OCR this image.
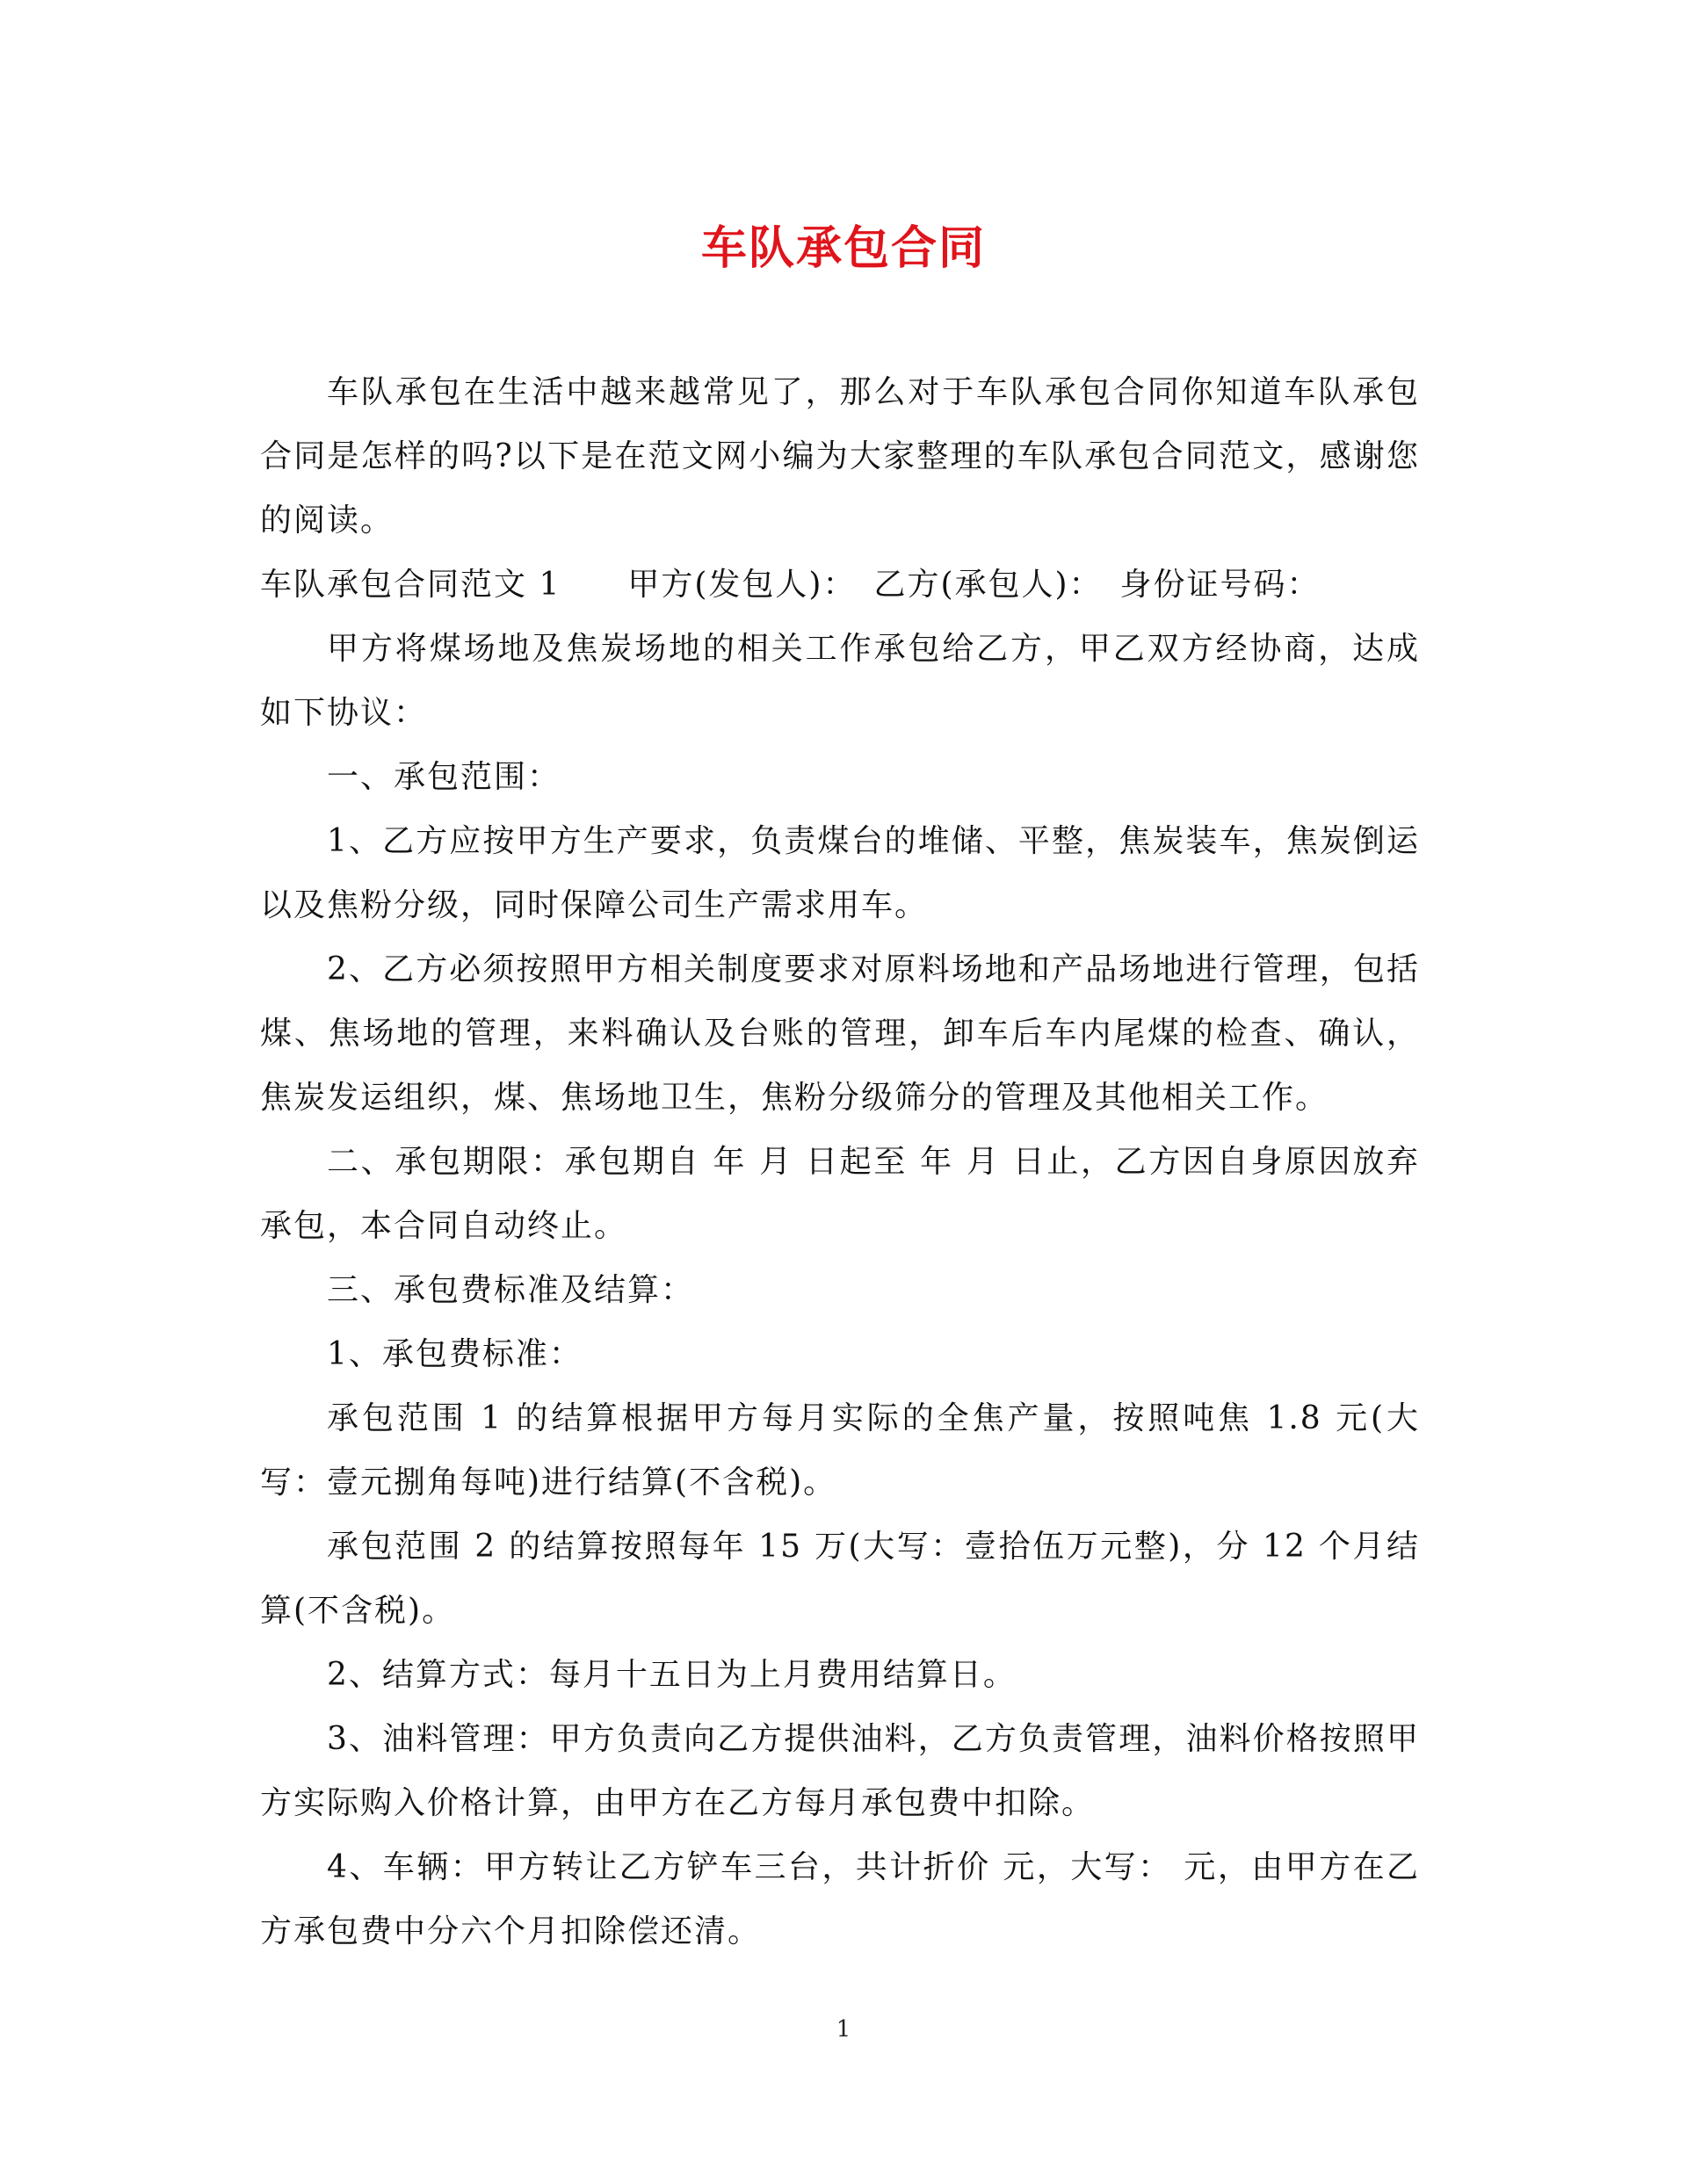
车队承包合同

车队承包在生活中越来越常见了，那么对于车队承包合同你知道车队承包合同是怎样的吗?以下是在范文网小编为大家整理的车队承包合同范文，感谢您的阅读。

车队承包合同范文 1　　甲方(发包人)：　乙方(承包人)：　身份证号码：

甲方将煤场地及焦炭场地的相关工作承包给乙方，甲乙双方经协商，达成如下协议：

一、承包范围：

1、乙方应按甲方生产要求，负责煤台的堆储、平整，焦炭装车，焦炭倒运以及焦粉分级，同时保障公司生产需求用车。

2、乙方必须按照甲方相关制度要求对原料场地和产品场地进行管理，包括煤、焦场地的管理，来料确认及台账的管理，卸车后车内尾煤的检查、确认，焦炭发运组织，煤、焦场地卫生，焦粉分级筛分的管理及其他相关工作。

二、承包期限：承包期自 年 月 日起至 年 月 日止，乙方因自身原因放弃承包，本合同自动终止。

三、承包费标准及结算：

1、承包费标准：

承包范围 1 的结算根据甲方每月实际的全焦产量，按照吨焦 1.8 元(大写：壹元捌角每吨)进行结算(不含税)。

承包范围 2 的结算按照每年 15 万(大写：壹拾伍万元整)，分 12 个月结算(不含税)。

2、结算方式：每月十五日为上月费用结算日。

3、油料管理：甲方负责向乙方提供油料，乙方负责管理，油料价格按照甲方实际购入价格计算，由甲方在乙方每月承包费中扣除。

4、车辆：甲方转让乙方铲车三台，共计折价 元，大写： 元，由甲方在乙方承包费中分六个月扣除偿还清。

1
